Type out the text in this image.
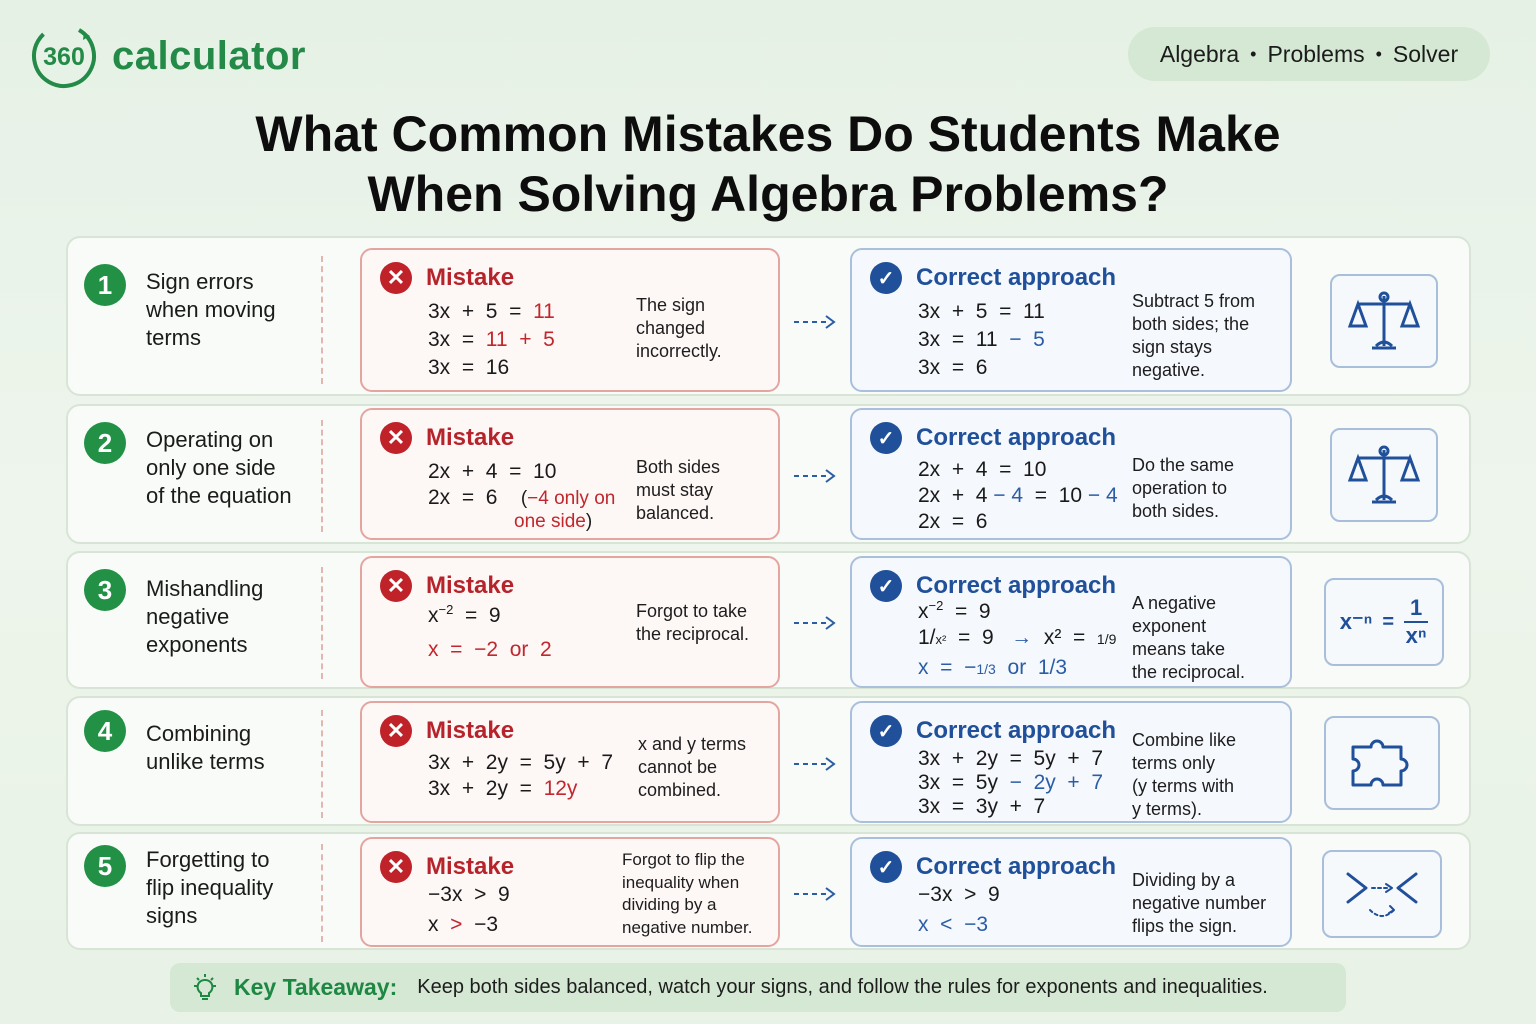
360 calculator	Algebra • Problems • Solver
What Common Mistakes Do Students Make
When Solving Algebra Problems?
1	Sign errors
when moving
terms
✕ Mistake
3x  +  5  =  11
3x  =  11  +  5
3x  =  16
The sign
changed
incorrectly.
✓ Correct approach
3x  +  5  =  11
3x  =  11  −  5
3x  =  6
Subtract 5 from
both sides; the
sign stays
negative.
2	Operating on
only one side
of the equation
✕ Mistake
2x  +  4  =  10
2x  =  6    (−4 only on
one side)
Both sides
must stay
balanced.
✓ Correct approach
2x  +  4  =  10
2x  +  4 − 4  =  10 − 4
2x  =  6
Do the same
operation to
both sides.
3	Mishandling
negative
exponents
✕ Mistake
$x^{-2} = 9$
x  =  −2  or  2
Forgot to take
the reciprocal.
✓ Correct approach
$x^{-2} = 9$
1/x²  =  9   →  x²  =  1/9
x  =  −1/3  or  1/3
A negative
exponent
means take
the reciprocal.
$x^{-n} = \frac{1}{\text{xⁿ}}$
4	Combining
unlike terms
✕ Mistake
3x  +  2y  =  5y  +  7
3x  +  2y  =  12y
x and y terms
cannot be
combined.
✓ Correct approach
3x  +  2y  =  5y  +  7
3x  =  5y  −  2y  +  7
3x  =  3y  +  7
Combine like
terms only
(y terms with
y terms).
5	Forgetting to
flip inequality
signs
✕ Mistake
−3x  >  9
x  >  −3
Forgot to flip the
inequality when
dividing by a
negative number.
✓ Correct approach
−3x  >  9
x  <  −3
Dividing by a
negative number
flips the sign.
Key Takeaway: Keep both sides balanced, watch your signs, and follow the rules for exponents and inequalities.
